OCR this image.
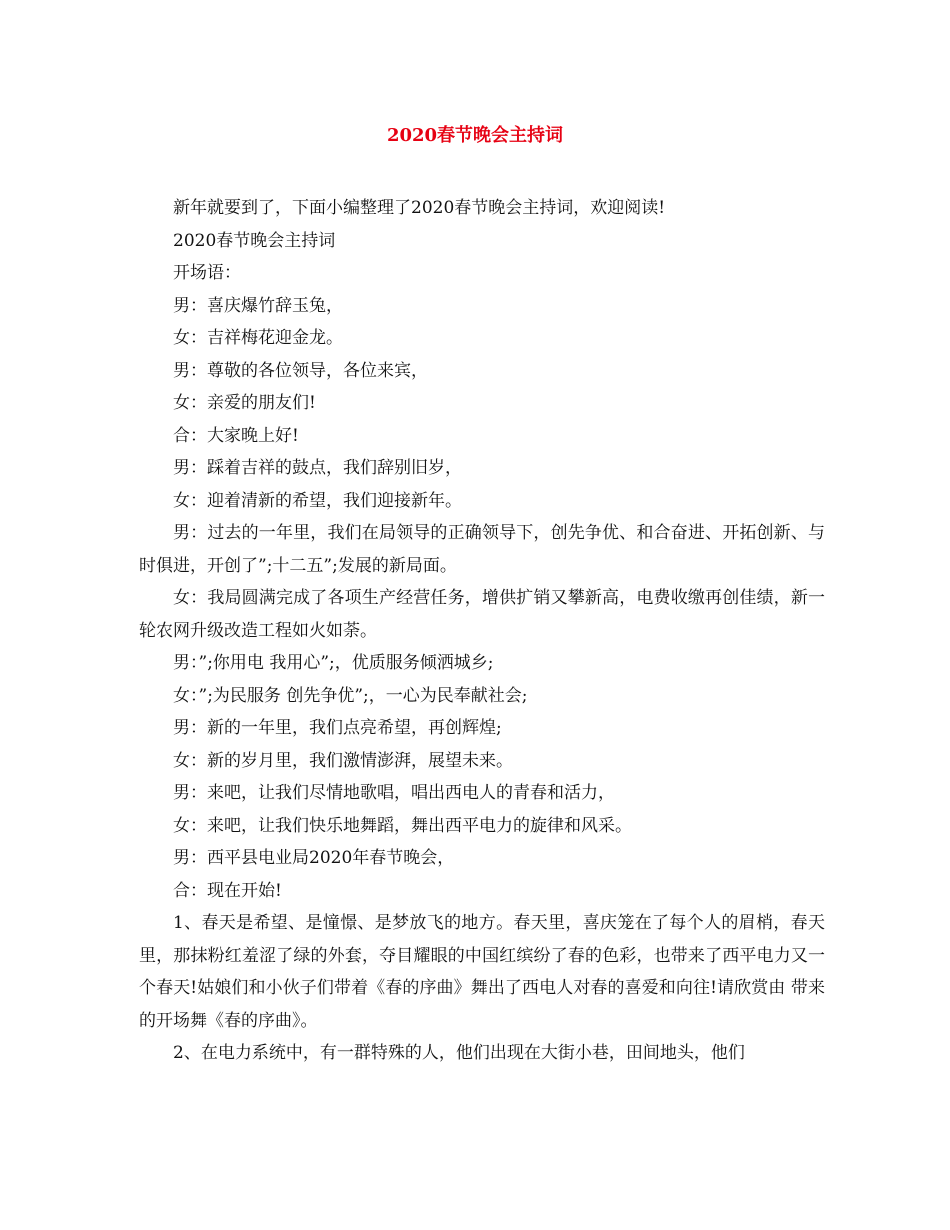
2020春节晚会主持词

新年就要到了，下面小编整理了2020春节晚会主持词，欢迎阅读!

2020春节晚会主持词

开场语：

男：喜庆爆竹辞玉兔，

女：吉祥梅花迎金龙。

男：尊敬的各位领导，各位来宾，

女：亲爱的朋友们!

合：大家晚上好!

男：踩着吉祥的鼓点，我们辞别旧岁，

女：迎着清新的希望，我们迎接新年。

男：过去的一年里，我们在局领导的正确领导下，创先争优、和合奋进、开拓创新、与时俱进，开创了”;十二五”;发展的新局面。

女：我局圆满完成了各项生产经营任务，增供扩销又攀新高，电费收缴再创佳绩，新一轮农网升级改造工程如火如荼。

男：”;你用电 我用心”;，优质服务倾洒城乡;

女：”;为民服务 创先争优”;，一心为民奉献社会;

男：新的一年里，我们点亮希望，再创辉煌;

女：新的岁月里，我们激情澎湃，展望未来。

男：来吧，让我们尽情地歌唱，唱出西电人的青春和活力，

女：来吧，让我们快乐地舞蹈，舞出西平电力的旋律和风采。

男：西平县电业局2020年春节晚会，

合：现在开始!

1、春天是希望、是憧憬、是梦放飞的地方。春天里，喜庆笼在了每个人的眉梢，春天里，那抹粉红羞涩了绿的外套，夺目耀眼的中国红缤纷了春的色彩，也带来了西平电力又一个春天!姑娘们和小伙子们带着《春的序曲》舞出了西电人对春的喜爱和向往!请欣赏由 带来的开场舞《春的序曲》。

2、在电力系统中，有一群特殊的人，他们出现在大街小巷，田间地头，他们
